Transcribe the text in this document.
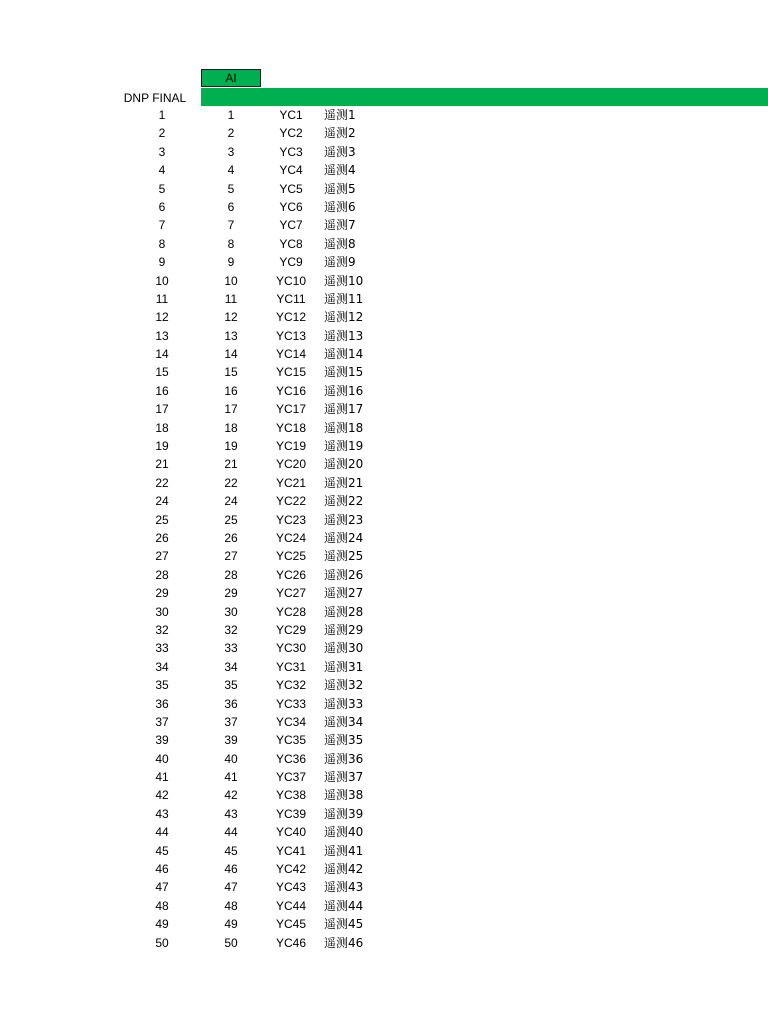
AI
DNP FINAL
1	1	YC1	遥测1
2	2	YC2	遥测2
3	3	YC3	遥测3
4	4	YC4	遥测4
5	5	YC5	遥测5
6	6	YC6	遥测6
7	7	YC7	遥测7
8	8	YC8	遥测8
9	9	YC9	遥测9
10	10	YC10	遥测10
11	11	YC11	遥测11
12	12	YC12	遥测12
13	13	YC13	遥测13
14	14	YC14	遥测14
15	15	YC15	遥测15
16	16	YC16	遥测16
17	17	YC17	遥测17
18	18	YC18	遥测18
19	19	YC19	遥测19
21	21	YC20	遥测20
22	22	YC21	遥测21
24	24	YC22	遥测22
25	25	YC23	遥测23
26	26	YC24	遥测24
27	27	YC25	遥测25
28	28	YC26	遥测26
29	29	YC27	遥测27
30	30	YC28	遥测28
32	32	YC29	遥测29
33	33	YC30	遥测30
34	34	YC31	遥测31
35	35	YC32	遥测32
36	36	YC33	遥测33
37	37	YC34	遥测34
39	39	YC35	遥测35
40	40	YC36	遥测36
41	41	YC37	遥测37
42	42	YC38	遥测38
43	43	YC39	遥测39
44	44	YC40	遥测40
45	45	YC41	遥测41
46	46	YC42	遥测42
47	47	YC43	遥测43
48	48	YC44	遥测44
49	49	YC45	遥测45
50	50	YC46	遥测46
